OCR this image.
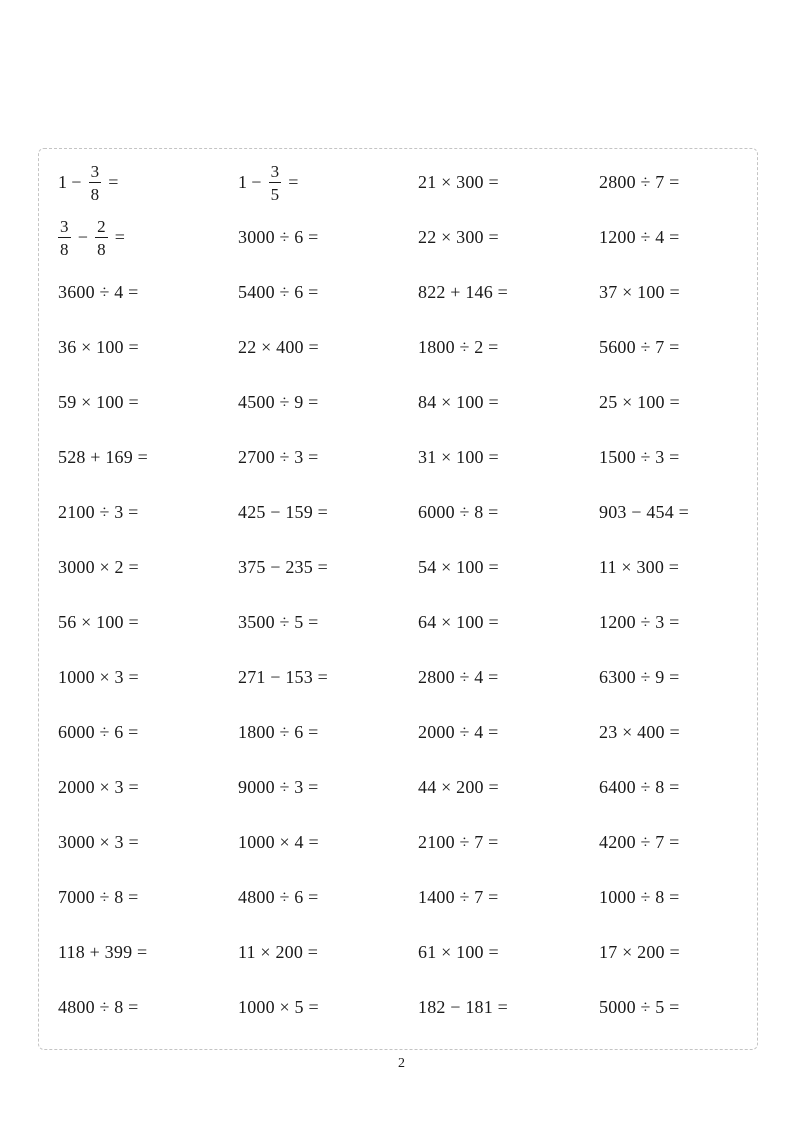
$1 - \frac{3}{8}$ =	$1 - \frac{3}{5}$ =	21 × 300 =	2800 ÷ 7 =
$\frac{3}{8} - \frac{2}{8}$ =	3000 ÷ 6 =	22 × 300 =	1200 ÷ 4 =
3600 ÷ 4 =	5400 ÷ 6 =	822 + 146 =	37 × 100 =
36 × 100 =	22 × 400 =	1800 ÷ 2 =	5600 ÷ 7 =
59 × 100 =	4500 ÷ 9 =	84 × 100 =	25 × 100 =
528 + 169 =	2700 ÷ 3 =	31 × 100 =	1500 ÷ 3 =
2100 ÷ 3 =	425 − 159 =	6000 ÷ 8 =	903 − 454 =
3000 × 2 =	375 − 235 =	54 × 100 =	11 × 300 =
56 × 100 =	3500 ÷ 5 =	64 × 100 =	1200 ÷ 3 =
1000 × 3 =	271 − 153 =	2800 ÷ 4 =	6300 ÷ 9 =
6000 ÷ 6 =	1800 ÷ 6 =	2000 ÷ 4 =	23 × 400 =
2000 × 3 =	9000 ÷ 3 =	44 × 200 =	6400 ÷ 8 =
3000 × 3 =	1000 × 4 =	2100 ÷ 7 =	4200 ÷ 7 =
7000 ÷ 8 =	4800 ÷ 6 =	1400 ÷ 7 =	1000 ÷ 8 =
118 + 399 =	11 × 200 =	61 × 100 =	17 × 200 =
4800 ÷ 8 =	1000 × 5 =	182 − 181 =	5000 ÷ 5 =
2
